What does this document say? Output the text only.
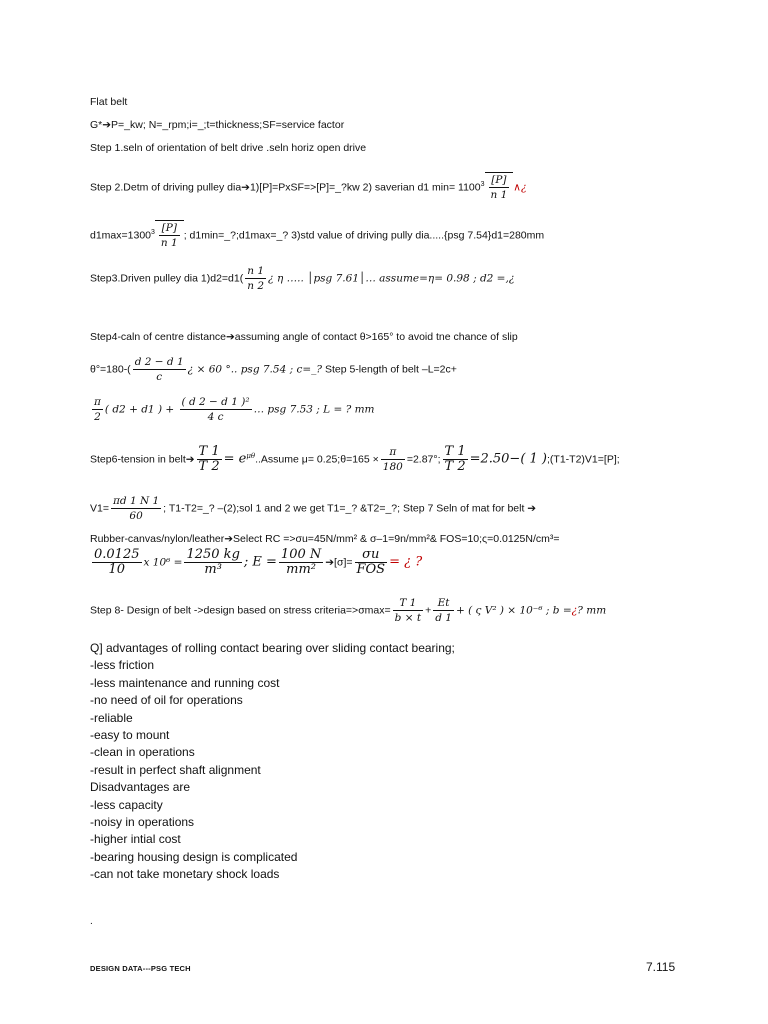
Flat belt
G*➔P=_kw; N=_rpm;i=_;t=thickness;SF=service factor
Step 1.seln of orientation of belt drive .seln horiz open drive
Step 2.Detm of driving pulley dia➔1)[P]=PxSF=>[P]=_?kw 2) saverian d1 $\min= 1100^3 \frac{[P]}{n 1}$ ∧¿
$d1\max=1300^3 \frac{[P]}{n 1}$ ; d1min=_?;d1max=_? 3)std value of driving pully dia.....{psg 7.54}d1=280mm
Step3.Driven pulley dia $1)d2=d1( \frac{n 1}{n 2}$ ¿ η ….. │psg 7.61│… assume=η= 0.98 ; d2 =,¿
Step4-caln of centre distance➔assuming angle of contact θ>165° to avoid tne chance of slip
$\theta^\circ=180-( \frac{d 2 - d 1}{c}$ ¿ × 60 °.. psg 7.54 ; c=_? Step 5-length of belt –L=2c+
$\frac{\pi}{2}$ ( d2 + d1 ) + $\frac{\text{( d 2 − d 1 )²}}{4 c}$ … psg 7.53 ; L = ? mm
Step6-tension in belt➔ $\frac{T 1}{T 2}$ = $e^{\mu\theta}..Assume$ μ= 0.25;θ=165 × $\frac{\pi}{180} =2.87^\circ$; $\frac{T 1}{T 2} =2.50-$( 1 );(T1-T2)V1=[P];
$V1= \frac{\pi d 1 N 1}{60}$ ; T1-T2=_? –(2);sol 1 and 2 we get T1=_? &T2=_?; Step 7 Seln of mat for belt ➔
Rubber-canvas/nylon/leather➔Select RC =>σu=45N/mm² & σ–1=9n/mm²& FOS=10;ς=0.0125N/cm³=
$\frac{0.0125}{10}$ x $10^6 = \frac{1250 kg}{\text{m³}}$ ; $E = \frac{100 N}{\text{mm²}}$ ➔[σ]= $\frac{\sigma u}{\text{FOS}}$ = ¿ ?
Step 8- Design of belt ->design based on stress criteria=>σmax= $\frac{T 1}{b \times t} + \frac{Et}{d 1}$ + ( ς V² ) × 10⁻⁶ ; b =¿? mm
Q] advantages of rolling contact bearing over sliding contact bearing;
-less friction
-less maintenance and running cost
-no need of oil for operations
-reliable
-easy to mount
-clean in operations
-result in perfect shaft alignment
Disadvantages are
-less capacity
-noisy in operations
-higher intial cost
-bearing housing design is complicated
-can not take monetary shock loads
.
DESIGN DATA---PSG TECH	7.115
